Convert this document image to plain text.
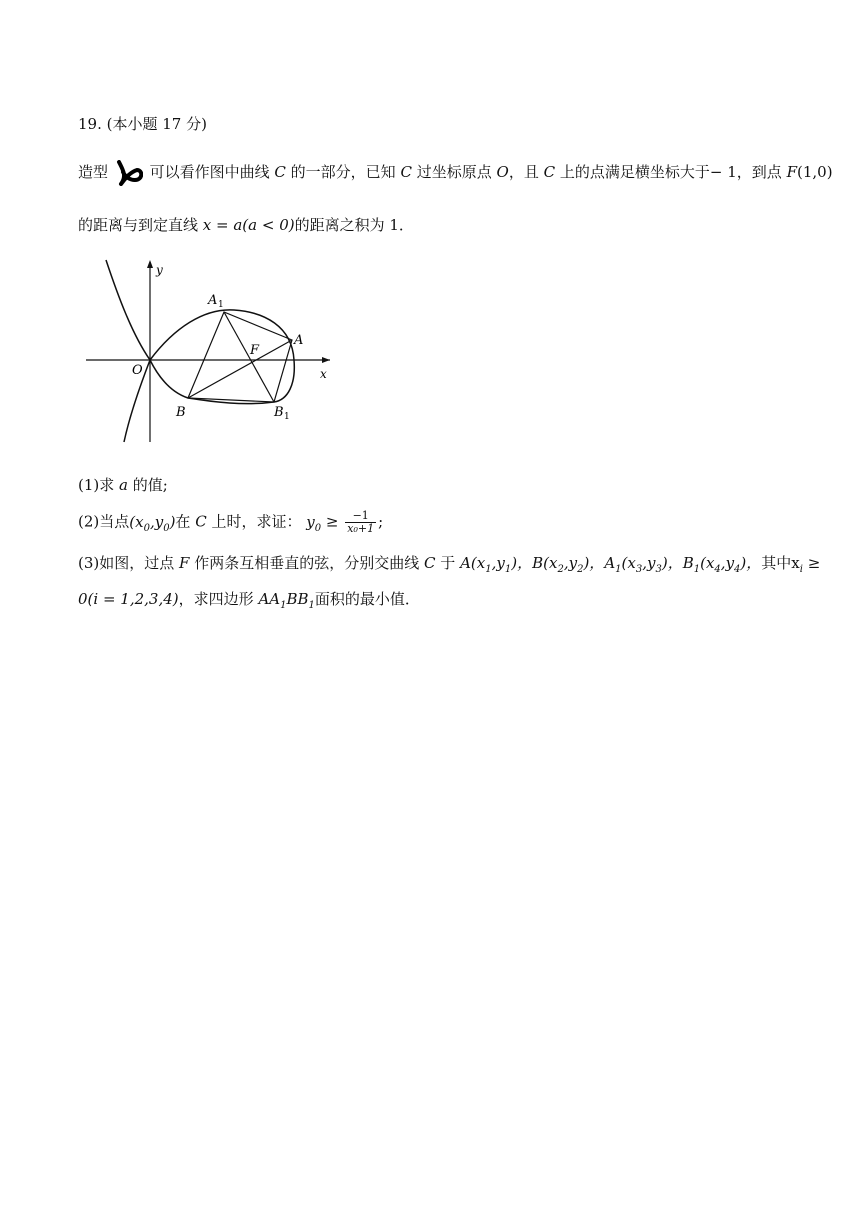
19. (本小题 17 分)
造型	可以看作图中曲线 C 的一部分，已知 C 过坐标原点 O，且 C 上的点满足横坐标大于− 1，到点 F(1,0)
的距离与到定直线 x = a(a < 0)的距离之积为 1．
y
x
O
F
A
A 1
B	B 1
(1)求 a 的值;
(2)当点$(x_0,y_0)$在 C 上时，求证： $y_0 \ge \frac{-1}{\text{x₀+1}}$ ;
(3)如图，过点 F 作两条互相垂直的弦，分别交曲线 C 于 $A(x_1,y_1)$，$B(x_2,y_2)$，$A_1(x_3,y_3)$，$B_1(x_4,y_4)$，其中$x_i$ ≥
0(i = 1,2,3,4)，求四边形 $AA_1BB_1$面积的最小值．
